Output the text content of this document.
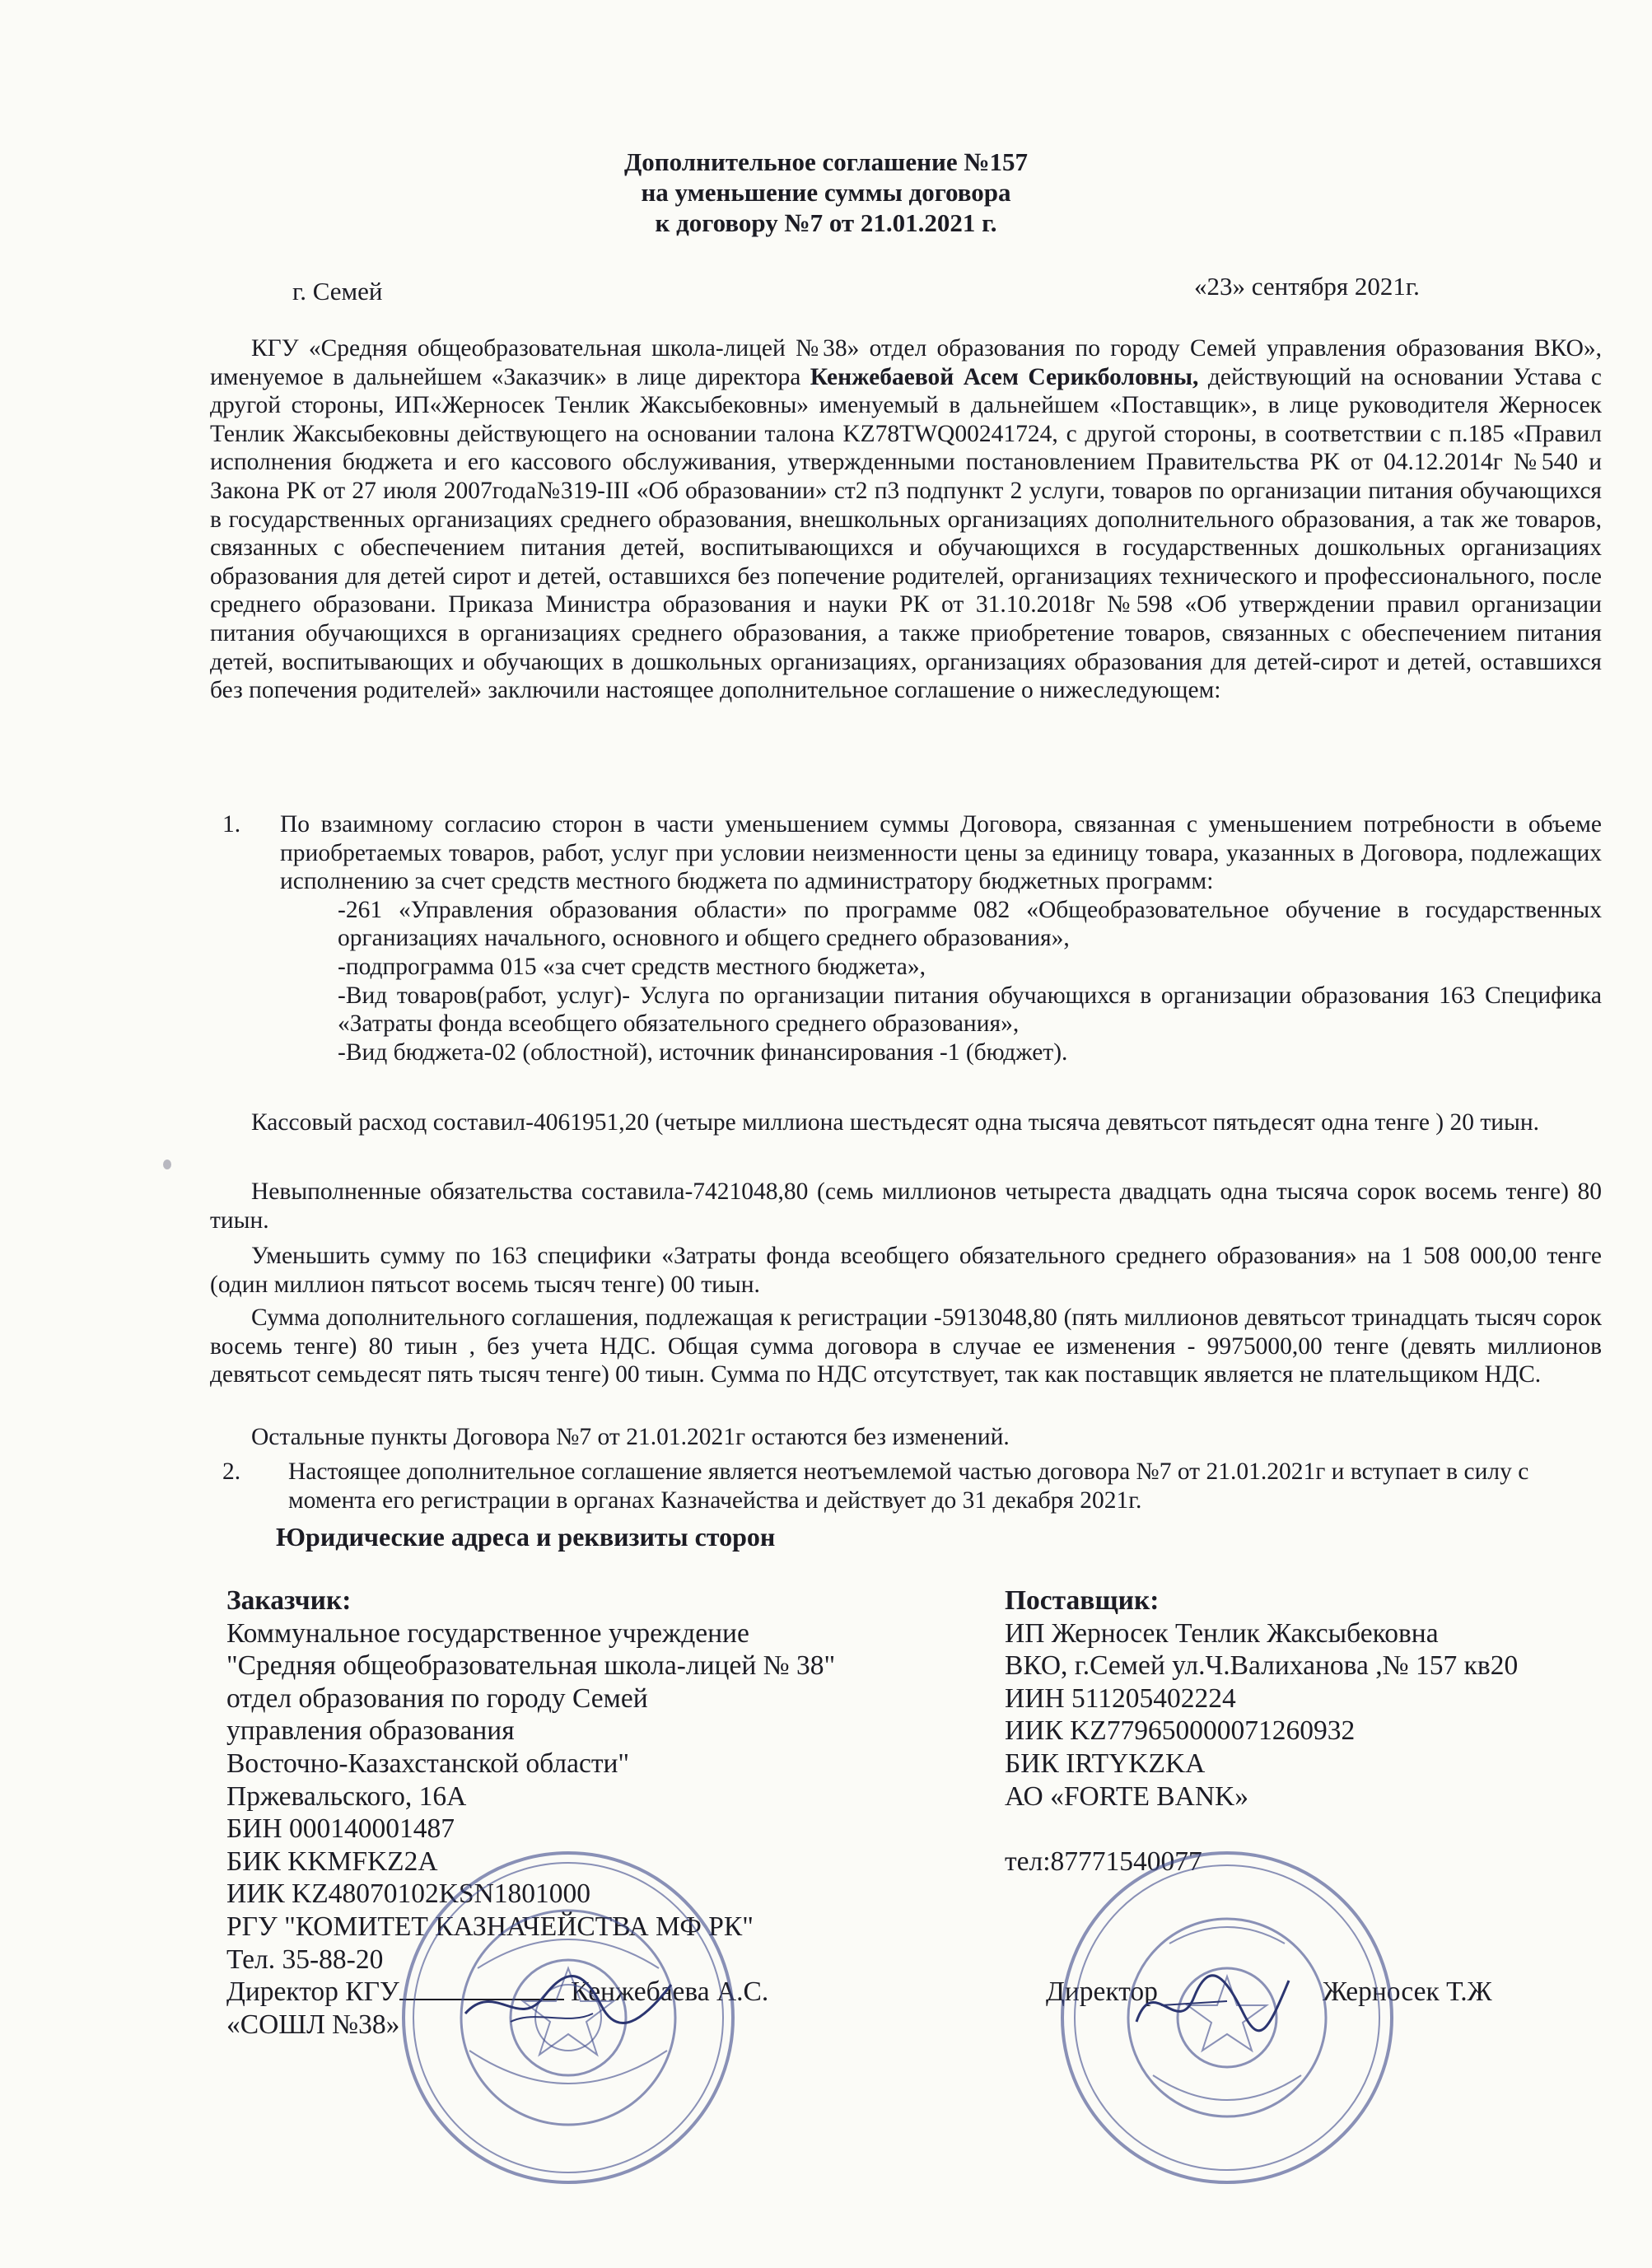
Дополнительное соглашение №157
на уменьшение суммы договора
к договору №7 от 21.01.2021 г.
г. Семей	«23» сентября 2021г.

КГУ «Средняя общеобразовательная школа-лицей №38» отдел образования по городу Семей управления образования ВКО», именуемое в дальнейшем «Заказчик» в лице директора Кенжебаевой Асем Серикболовны, действующий на основании Устава с другой стороны, ИП«Жерносек Тенлик Жаксыбековны» именуемый в дальнейшем «Поставщик», в лице руководителя Жерносек Тенлик Жаксыбековны действующего на основании талона KZ78TWQ00241724, с другой стороны, в соответствии с п.185 «Правил исполнения бюджета и его кассового обслуживания, утвержденными постановлением Правительства РК от 04.12.2014г №540 и Закона РК от 27 июля 2007года№319-III «Об образовании» ст2 п3 подпункт 2 услуги, товаров по организации питания обучающихся в государственных организациях среднего образования, внешкольных организациях дополнительного образования, а так же товаров, связанных с обеспечением питания детей, воспитывающихся и обучающихся в государственных дошкольных организациях образования для детей сирот и детей, оставшихся без попечение родителей, организациях технического и профессионального, после среднего образовани. Приказа Министра образования и науки РК от 31.10.2018г №598 «Об утверждении правил организации питания обучающихся в организациях среднего образования, а также приобретение товаров, связанных с обеспечением питания детей, воспитывающих и обучающих в дошкольных организациях, организациях образования для детей-сирот и детей, оставшихся без попечения родителей» заключили настоящее дополнительное соглашение о нижеследующем:

1.	По взаимному согласию сторон в части уменьшением суммы Договора, связанная с уменьшением потребности в объеме приобретаемых товаров, работ, услуг при условии неизменности цены за единицу товара, указанных в Договора, подлежащих исполнению за счет средств местного бюджета по администратору бюджетных программ:
-261 «Управления образования области» по программе 082 «Общеобразовательное обучение в государственных организациях начального, основного и общего среднего образования»,
-подпрограмма 015 «за счет средств местного бюджета»,
-Вид товаров(работ, услуг)- Услуга по организации питания обучающихся в организации образования 163 Специфика «Затраты фонда всеобщего обязательного среднего образования»,
-Вид бюджета-02 (облостной), источник финансирования -1 (бюджет).

Кассовый расход составил-4061951,20 (четыре миллиона шестьдесят одна тысяча девятьсот пятьдесят одна тенге ) 20 тиын.

Невыполненные обязательства составила-7421048,80 (семь миллионов четыреста двадцать одна тысяча сорок восемь тенге) 80 тиын.

Уменьшить сумму по 163 специфики «Затраты фонда всеобщего обязательного среднего образования» на 1 508 000,00 тенге (один миллион пятьсот восемь тысяч тенге) 00 тиын.

Сумма дополнительного соглашения, подлежащая к регистрации -5913048,80 (пять миллионов девятьсот тринадцать тысяч сорок восемь тенге) 80 тиын , без учета НДС. Общая сумма договора в случае ее изменения - 9975000,00 тенге (девять миллионов девятьсот семьдесят пять тысяч тенге) 00 тиын. Сумма по НДС отсутствует, так как поставщик является не плательщиком НДС.

Остальные пункты Договора №7 от 21.01.2021г остаются без изменений.

2.	Настоящее дополнительное соглашение является неотъемлемой частью договора №7 от 21.01.2021г и вступает в силу с момента его регистрации в органах Казначейства и действует до 31 декабря 2021г.
Юридические адреса и реквизиты сторон
Заказчик:
Коммунальное государственное учреждение
"Средняя общеобразовательная школа-лицей № 38"
отдел образования по городу Семей
управления образования
Восточно-Казахстанской области"
Пржевальского, 16А
БИН 000140001487
БИК KKMFKZ2A
ИИК KZ48070102KSN1801000
РГУ "КОМИТЕТ КАЗНАЧЕЙСТВА МФ РК"
Тел. 35-88-20
Директор КГУ	Кенжебаева А.С.
«СОШЛ №38»
Поставщик:
ИП Жерносек Тенлик Жаксыбековна
ВКО, г.Семей ул.Ч.Валиханова ,№ 157 кв20
ИИН 511205402224
ИИК KZ779650000071260932
БИК IRTYKZKA
АО «FORTE BANK»
тел:87771540077
Директор	Жерносек Т.Ж
